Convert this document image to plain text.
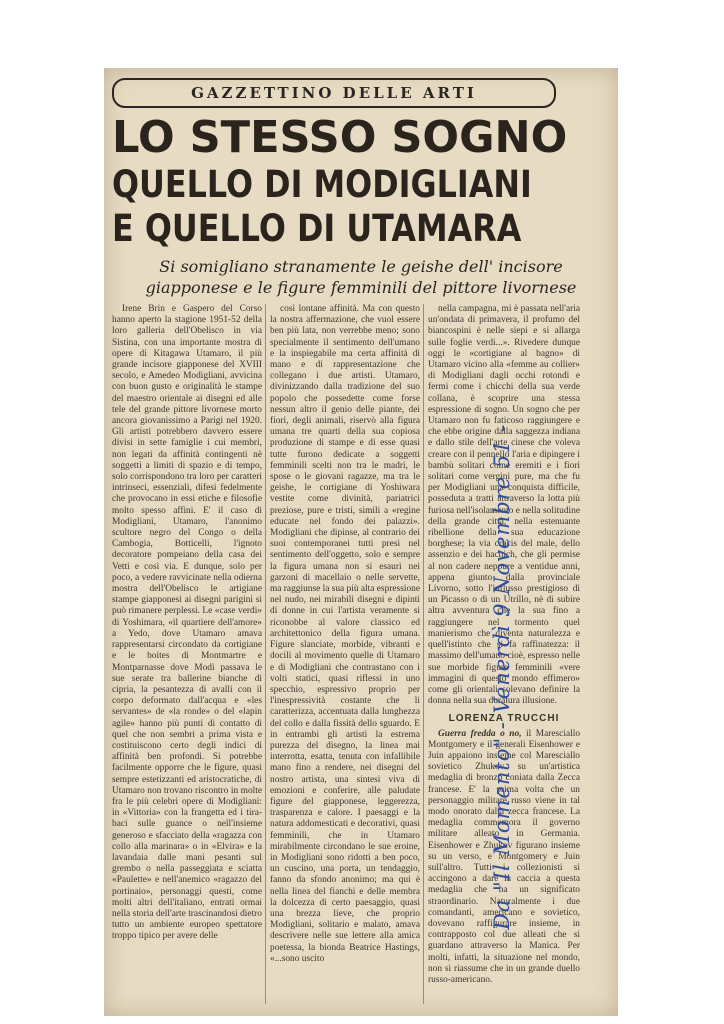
GAZZETTINO DELLE ARTI
LO STESSO SOGNO
QUELLO DI MODIGLIANI
E QUELLO DI UTAMARA
Si somigliano stranamente le geishe dell' incisore giapponese e le figure femminili del pittore livornese

Irene Brin e Gaspero del Corso hanno aperto la stagione 1951-52 della loro galleria dell'Obelisco in via Sistina, con una importante mostra di opere di Kitagawa Utamaro, il più grande incisore giapponese del XVIII secolo, e Amedeo Modigliani, avvicina con buon gusto e originalità le stampe del maestro orientale ai disegni ed alle tele del grande pittore livornese morto ancora giovanissimo a Parigi nel 1920. Gli artisti potrebbero davvero essere divisi in sette famiglie i cui membri, non legati da affinità contingenti nè soggetti a limiti di spazio e di tempo, solo corrispondono tra loro per caratteri intrinseci, essenziali, difesi fedelmente che provocano in essi etiche e filosofie molto spesso affini. E' il caso di Modigliani, Utamaro, l'anonimo scultore negro del Congo o della Cambogia, Botticelli, l'ignoto decoratore pompeiano della casa dei Vetti e così via. E dunque, solo per poco, a vedere ravvicinate nella odierna mostra dell'Obelisco le artigiane stampe giapponesi ai disegni parigini si può rimanere perplessi. Le «case verdi» di Yoshimara, «il quartiere dell'amore» a Yedo, dove Utamaro amava rappresentarsi circondato da cortigiane e le boites di Montmartre e Montparnasse dove Modì passava le sue serate tra ballerine bianche di cipria, la pesantezza di avalli con il corpo deformato dall'acqua e «les servantes» de «la ronde» o del «lapin agile» hanno più punti di contatto di quel che non sembri a prima vista e costituiscono certo degli indici di affinità ben profondi. Si potrebbe facilmente opporre che le figure, quasi sempre estetizzanti ed aristocratiche, di Utamaro non trovano riscontro in molte fra le più celebri opere di Modigliani: in «Vittoria» con la frangetta ed i tira-baci sulle guance o nell'insieme generoso e sfacciato della «ragazza con collo alla marinara» o in «Elvira» e la lavandaia dalle mani pesanti sul grembo o nella passeggiata e sciatta «Paulette» e nell'anemico «ragazzo del portinaio», personaggi questi, come molti altri dell'italiano, entrati ormai nella storia dell'arte trascinandosi dietro tutto un ambiente europeo spettatore troppo tipico per avere delle

così lontane affinità. Ma con questo la nostra affermazione, che vuol essere ben più lata, non verrebbe meno; sono specialmente il sentimento dell'umano e la inspiegabile ma certa affinità di mano e di rappresentazione che collegano i due artisti. Utamaro, divinizzando dalla tradizione del suo popolo che possedette come forse nessun altro il genio delle piante, dei fiori, degli animali, riservò alla figura umana tre quarti della sua copiosa produzione di stampe e di esse quasi tutte furono dedicate a soggetti femminili scelti non tra le madri, le spose o le giovani ragazze, ma tra le geishe, le cortigiane di Yoshiwara vestite come divinità, pariatrici preziose, pure e tristi, simili a «regine educate nel fondo dei palazzi». Modigliani che dipinse, al contrario dei suoi contemporanei tutti presi nel sentimento dell'oggetto, solo e sempre la figura umana non si esaurì nei garzoni di macellaio o nelle servette, ma raggiunse la sua più alta espressione nel nudo, nei mirabili disegni e dipinti di donne in cui l'artista veramente si riconobbe al valore classico ed architettonico della figura umana. Figure slanciate, morbide, vibranti e docili al movimento quelle di Utamaro e di Modigliani che contrastano con i volti statici, quasi riflessi in uno specchio, espressivo proprio per l'inespressività costante che li caratterizza, accentuata dalla lunghezza del collo e dalla fissità dello sguardo. E in entrambi gli artisti la estrema purezza del disegno, la linea mai interrotta, esatta, tenuta con infallibile mano fino a rendere, nei disegni del nostro artista, una sintesi viva di emozioni e conferire, alle paludate figure del giapponese, leggerezza, trasparenza e calore. I paesaggi e la natura addomesticati e decorativi, quasi femminili, che in Utamaro mirabilmente circondano le sue eroine, in Modigliani sono ridotti a ben poco, un cuscino, una porta, un tendaggio, fanno da sfondo anonimo; ma qui è nella linea del fianchi e delle membra la dolcezza di certo paesaggio, quasi una brezza lieve, che proprio Modigliani, solitario e malato, amava descrivere nelle sue lettere alla amica poetessa, la bionda Beatrice Hastings, «...sono uscito

nella campagna, mi è passata nell'aria un'ondata di primavera, il profumo del biancospini è nelle siepi e si allarga sulle foglie verdi...». Rivedere dunque oggi le «cortigiane al bagno» di Utamaro vicino alla «femme au collier» di Modigliani dagli occhi rotondi e fermi come i chicchi della sua verde collana, è scoprire una stessa espressione di sogno. Un sogno che per Utamaro non fu faticoso raggiungere e che ebbe origine dalla saggezza indiana e dallo stile dell'arte cinese che voleva creare con il pennello l'aria e dipingere i bambù solitari come eremiti e i fiori solitari come vergini pure, ma che fu per Modigliani una conquista difficile, posseduta a tratti attraverso la lotta più furiosa nell'isolamento e nella solitudine della grande città, nella estenuante ribellione della sua educazione borghese; la via crucis del male, dello assenzio e dei hachich, che gli permise al non cadere neppure a ventidue anni, appena giunto dalla provinciale Livorno, sotto l'influsso prestigioso di un Picasso o di un Utrillo, nè di subire altra avventura che la sua fino a raggiungere nel tormento quel manierismo che diventa naturalezza e quell'istinto che si fa raffinatezza: il massimo dell'umano cioè, espresso nelle sue morbide figure femminili «vere immagini di questo mondo effimero» come gli orientali solevano definire la donna nella sua duratura illusione.

LORENZA TRUCCHI

Guerra fredda o no, il Maresciallo Montgomery e il generali Eisenhower e Juin appaiono insieme col Maresciallo sovietico Zhukov su un'artistica medaglia di bronzo coniata dalla Zecca francese. E' la prima volta che un personaggio militare russo viene in tal modo onorato dalla zecca francese. La medaglia commemora il governo militare alleato in Germania. Eisenhower e Zhukov figurano insieme su un verso, e Montgomery e Juin sull'altro. Tutti i collezionisti si accingono a dare la caccia a questa medaglia che ha un significato straordinario. Naturalmente i due comandanti, americano e sovietico, dovevano raffigurare insieme, in contrapposto col due alleati che si guardano attraverso la Manica. Per molti, infatti, la situazione nel mondo, non si riassume che in un grande duello russo-americano.

Da "Il Momento" - Venerdì 9 Novembre 51 -
